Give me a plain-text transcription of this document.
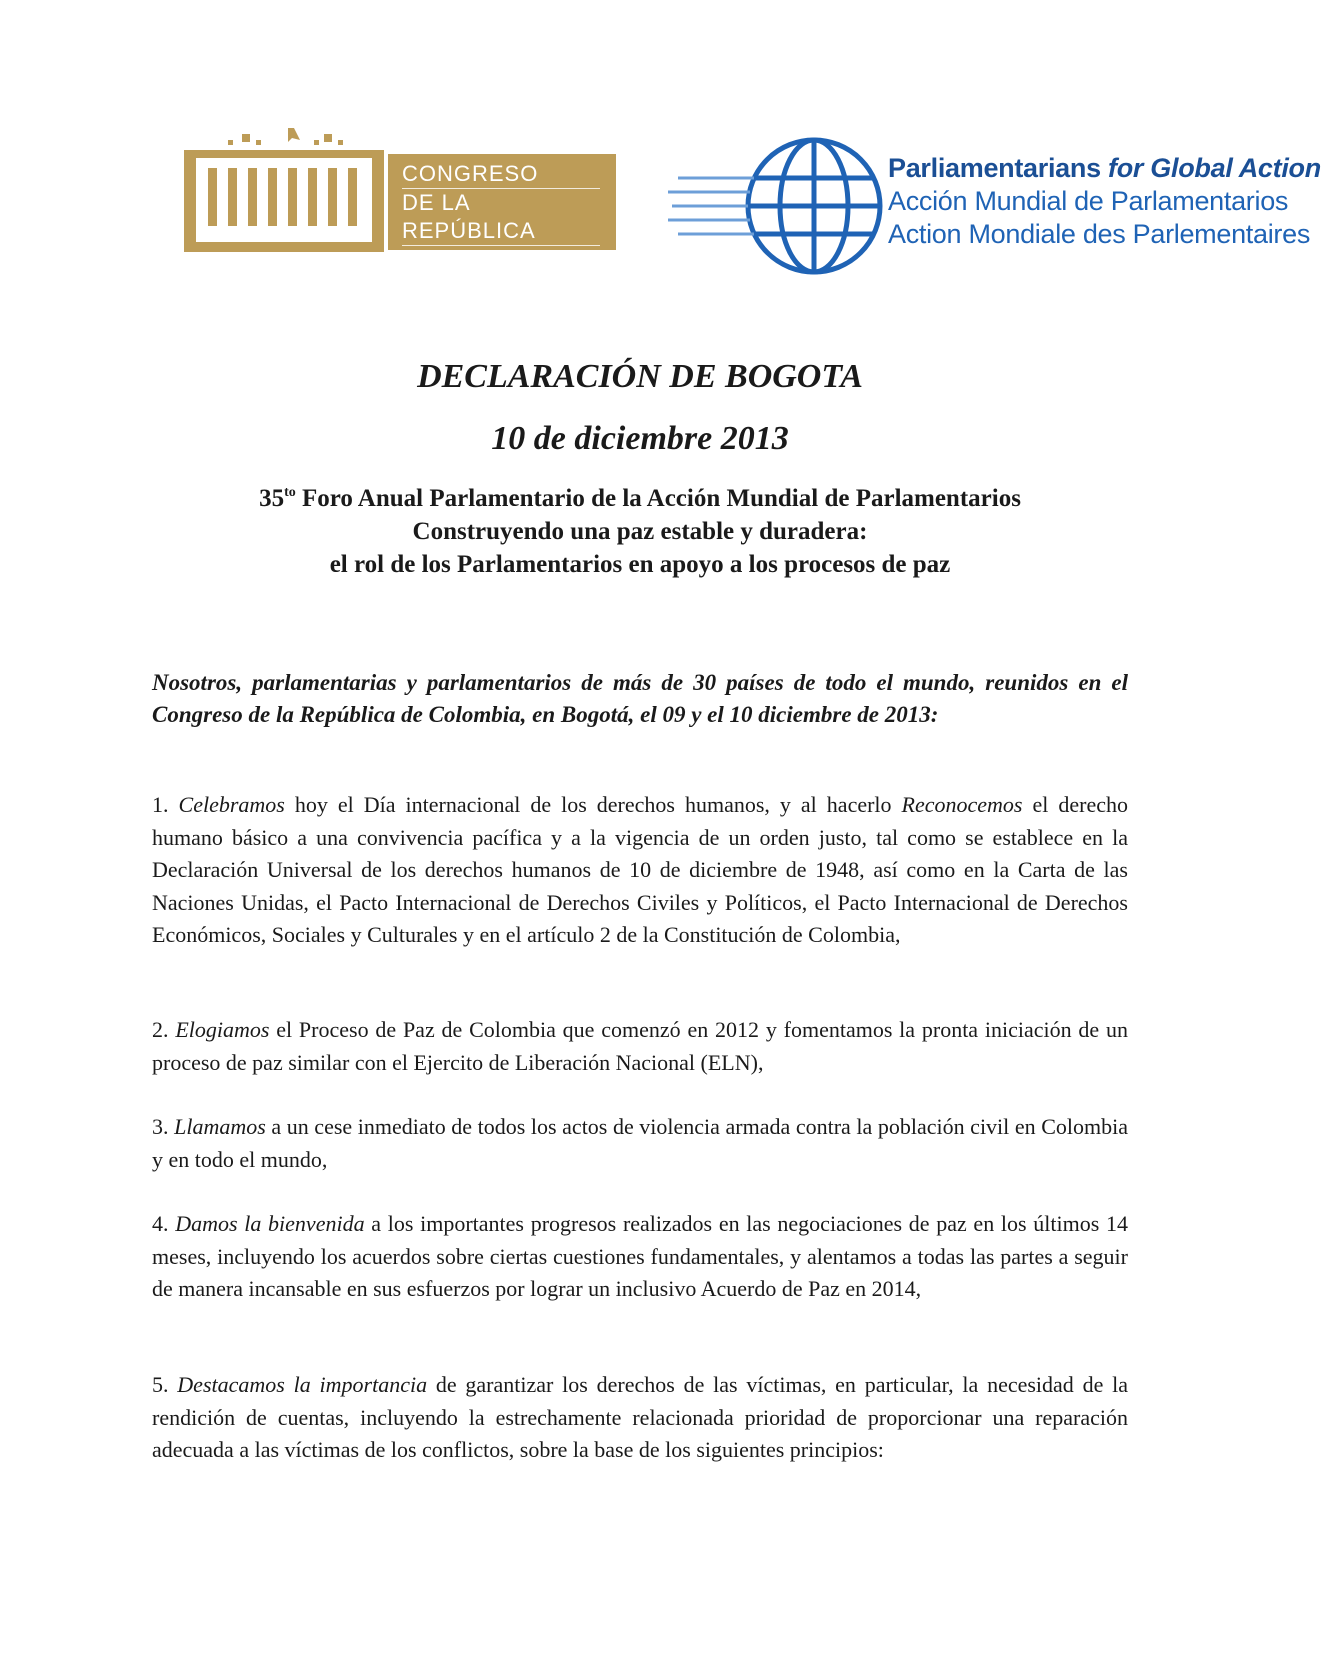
CONGRESO
DE LA REPÚBLICA
DE COLOMBIA
Parliamentarians for Global Action
Acción Mundial de Parlamentarios
Action Mondiale des Parlementaires
DECLARACIÓN DE BOGOTA
10 de diciembre 2013
$35^{to}$ Foro Anual Parlamentario de la Acción Mundial de Parlamentarios
Construyendo una paz estable y duradera:
el rol de los Parlamentarios en apoyo a los procesos de paz
Nosotros, parlamentarias y parlamentarios de más de 30 países de todo el mundo, reunidos en el Congreso de la República de Colombia, en Bogotá, el 09 y el 10 diciembre de 2013:
1. Celebramos hoy el Día internacional de los derechos humanos, y al hacerlo Reconocemos el derecho humano básico a una convivencia pacífica y a la vigencia de un orden justo, tal como se establece en la Declaración Universal de los derechos humanos de 10 de diciembre de 1948, así como en la Carta de las Naciones Unidas, el Pacto Internacional de Derechos Civiles y Políticos, el Pacto Internacional de Derechos Económicos, Sociales y Culturales y en el artículo 2 de la Constitución de Colombia,
2. Elogiamos el Proceso de Paz de Colombia que comenzó en 2012 y fomentamos la pronta iniciación de un proceso de paz similar con el Ejercito de Liberación Nacional (ELN),
3. Llamamos a un cese inmediato de todos los actos de violencia armada contra la población civil en Colombia y en todo el mundo,
4. Damos la bienvenida a los importantes progresos realizados en las negociaciones de paz en los últimos 14 meses, incluyendo los acuerdos sobre ciertas cuestiones fundamentales, y alentamos a todas las partes a seguir de manera incansable en sus esfuerzos por lograr un inclusivo Acuerdo de Paz en 2014,
5. Destacamos la importancia de garantizar los derechos de las víctimas, en particular, la necesidad de la rendición de cuentas, incluyendo la estrechamente relacionada prioridad de proporcionar una reparación adecuada a las víctimas de los conflictos, sobre la base de los siguientes principios:
